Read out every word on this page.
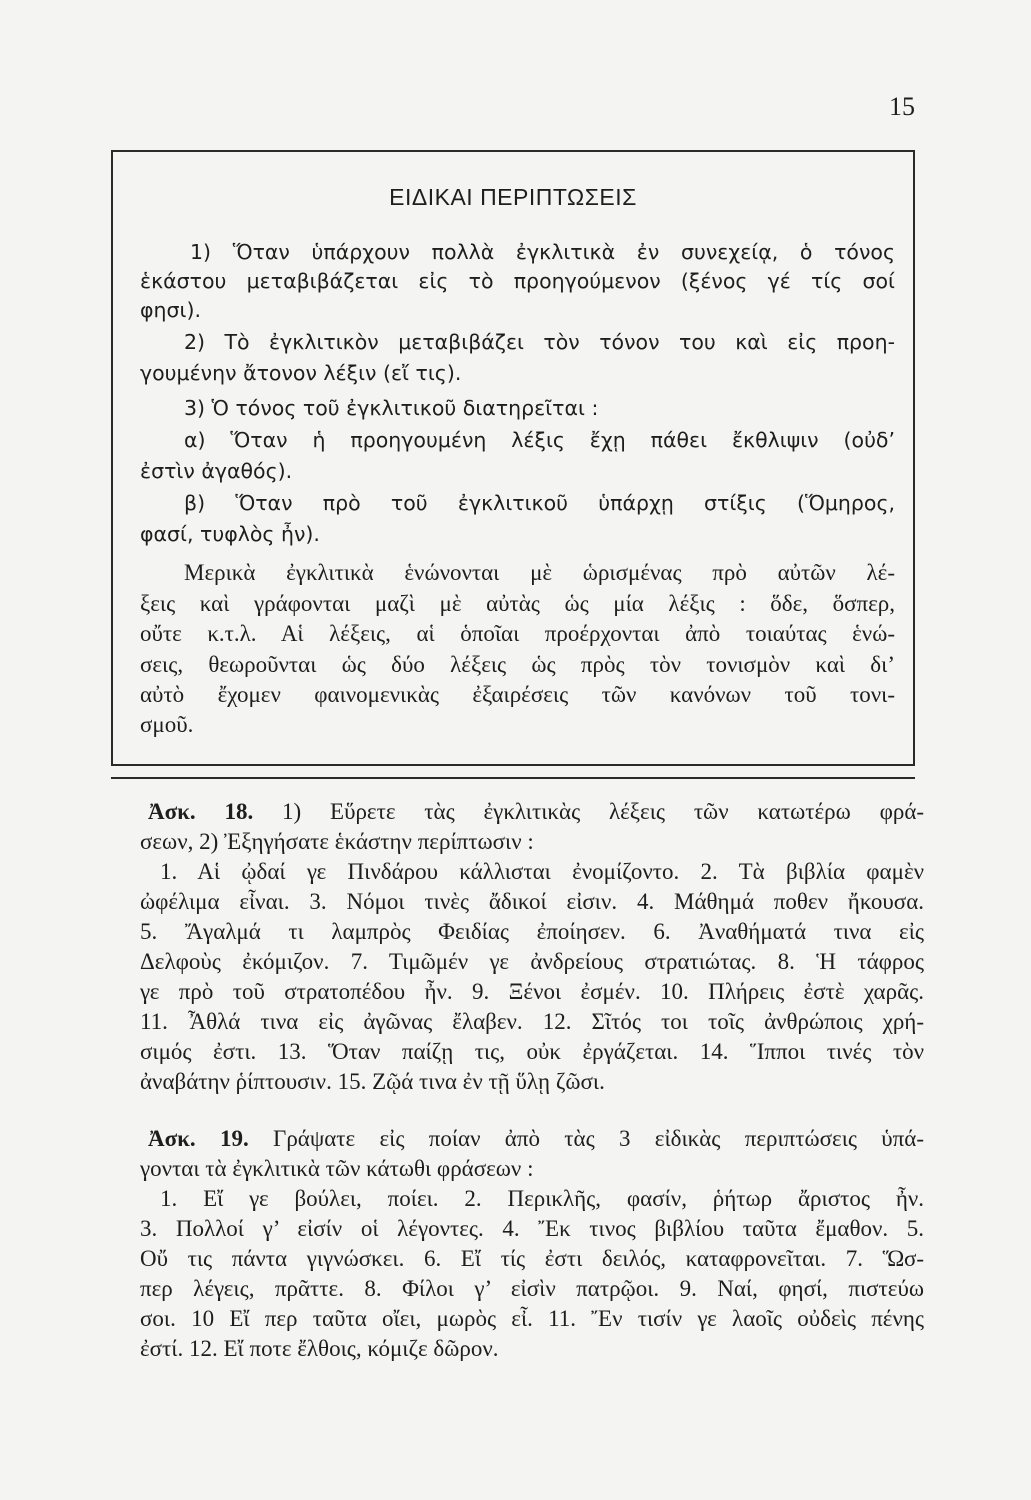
15
ΕΙΔΙΚΑΙ ΠΕΡΙΠΤΩΣΕΙΣ
1) Ὅταν ὑπάρχουν πολλὰ ἐγκλιτικὰ ἐν συνεχείᾳ, ὁ τόνος
ἑκάστου μεταβιβάζεται εἰς τὸ προηγούμενον (ξένος γέ τίς σοί
φησι).
2) Τὸ ἐγκλιτικὸν μεταβιβάζει τὸν τόνον του καὶ εἰς προη-
γουμένην ἄτονον λέξιν (εἴ τις).
3) Ὁ τόνος τοῦ ἐγκλιτικοῦ διατηρεῖται :
α) Ὅταν ἡ προηγουμένη λέξις ἔχῃ πάθει ἔκθλιψιν (οὐδ’
ἐστὶν ἀγαθός).
β) Ὅταν πρὸ τοῦ ἐγκλιτικοῦ ὑπάρχῃ στίξις (Ὅμηρος,
φασί, τυφλὸς ἦν).
Μερικὰ ἐγκλιτικὰ ἑνώνονται μὲ ὡρισμένας πρὸ αὐτῶν λέ-
ξεις καὶ γράφονται μαζὶ μὲ αὐτὰς ὡς μία λέξις : ὅδε, ὅσπερ,
οὔτε κ.τ.λ. Αἱ λέξεις, αἱ ὁποῖαι προέρχονται ἀπὸ τοιαύτας ἑνώ-
σεις, θεωροῦνται ὡς δύο λέξεις ὡς πρὸς τὸν τονισμὸν καὶ δι’
αὐτὸ ἔχομεν φαινομενικὰς ἐξαιρέσεις τῶν κανόνων τοῦ τονι-
σμοῦ.
Ἀσκ. 18. 1) Εὕρετε τὰς ἐγκλιτικὰς λέξεις τῶν κατωτέρω φρά-
σεων, 2) Ἐξηγήσατε ἑκάστην περίπτωσιν :
1. Αἱ ᾠδαί γε Πινδάρου κάλλισται ἐνομίζοντο. 2. Τὰ βιβλία φαμὲν
ὠφέλιμα εἶναι. 3. Νόμοι τινὲς ἄδικοί εἰσιν. 4. Μάθημά ποθεν ἤκουσα.
5. Ἄγαλμά τι λαμπρὸς Φειδίας ἐποίησεν. 6. Ἀναθήματά τινα εἰς
Δελφοὺς ἐκόμιζον. 7. Τιμῶμέν γε ἀνδρείους στρατιώτας. 8. Ἡ τάφρος
γε πρὸ τοῦ στρατοπέδου ἦν. 9. Ξένοι ἐσμέν. 10. Πλήρεις ἐστὲ χαρᾶς.
11. Ἆθλά τινα εἰς ἀγῶνας ἔλαβεν. 12. Σῖτός τοι τοῖς ἀνθρώποις χρή-
σιμός ἐστι. 13. Ὅταν παίζῃ τις, οὐκ ἐργάζεται. 14. Ἵπποι τινές τὸν
ἀναβάτην ῥίπτουσιν. 15. Ζῷά τινα ἐν τῇ ὕλῃ ζῶσι.
Ἀσκ. 19. Γράψατε εἰς ποίαν ἀπὸ τὰς 3 εἰδικὰς περιπτώσεις ὑπά-
γονται τὰ ἐγκλιτικὰ τῶν κάτωθι φράσεων :
1. Εἴ γε βούλει, ποίει. 2. Περικλῆς, φασίν, ῥήτωρ ἄριστος ἦν.
3. Πολλοί γ’ εἰσίν οἱ λέγοντες. 4. Ἔκ τινος βιβλίου ταῦτα ἔμαθον. 5.
Οὔ τις πάντα γιγνώσκει. 6. Εἴ τίς ἐστι δειλός, καταφρονεῖται. 7. Ὥσ-
περ λέγεις, πρᾶττε. 8. Φίλοι γ’ εἰσὶν πατρῷοι. 9. Ναί, φησί, πιστεύω
σοι. 10 Εἴ περ ταῦτα οἴει, μωρὸς εἶ. 11. Ἔν τισίν γε λαοῖς οὐδεὶς πένης
ἐστί. 12. Εἴ ποτε ἔλθοις, κόμιζε δῶρον.
